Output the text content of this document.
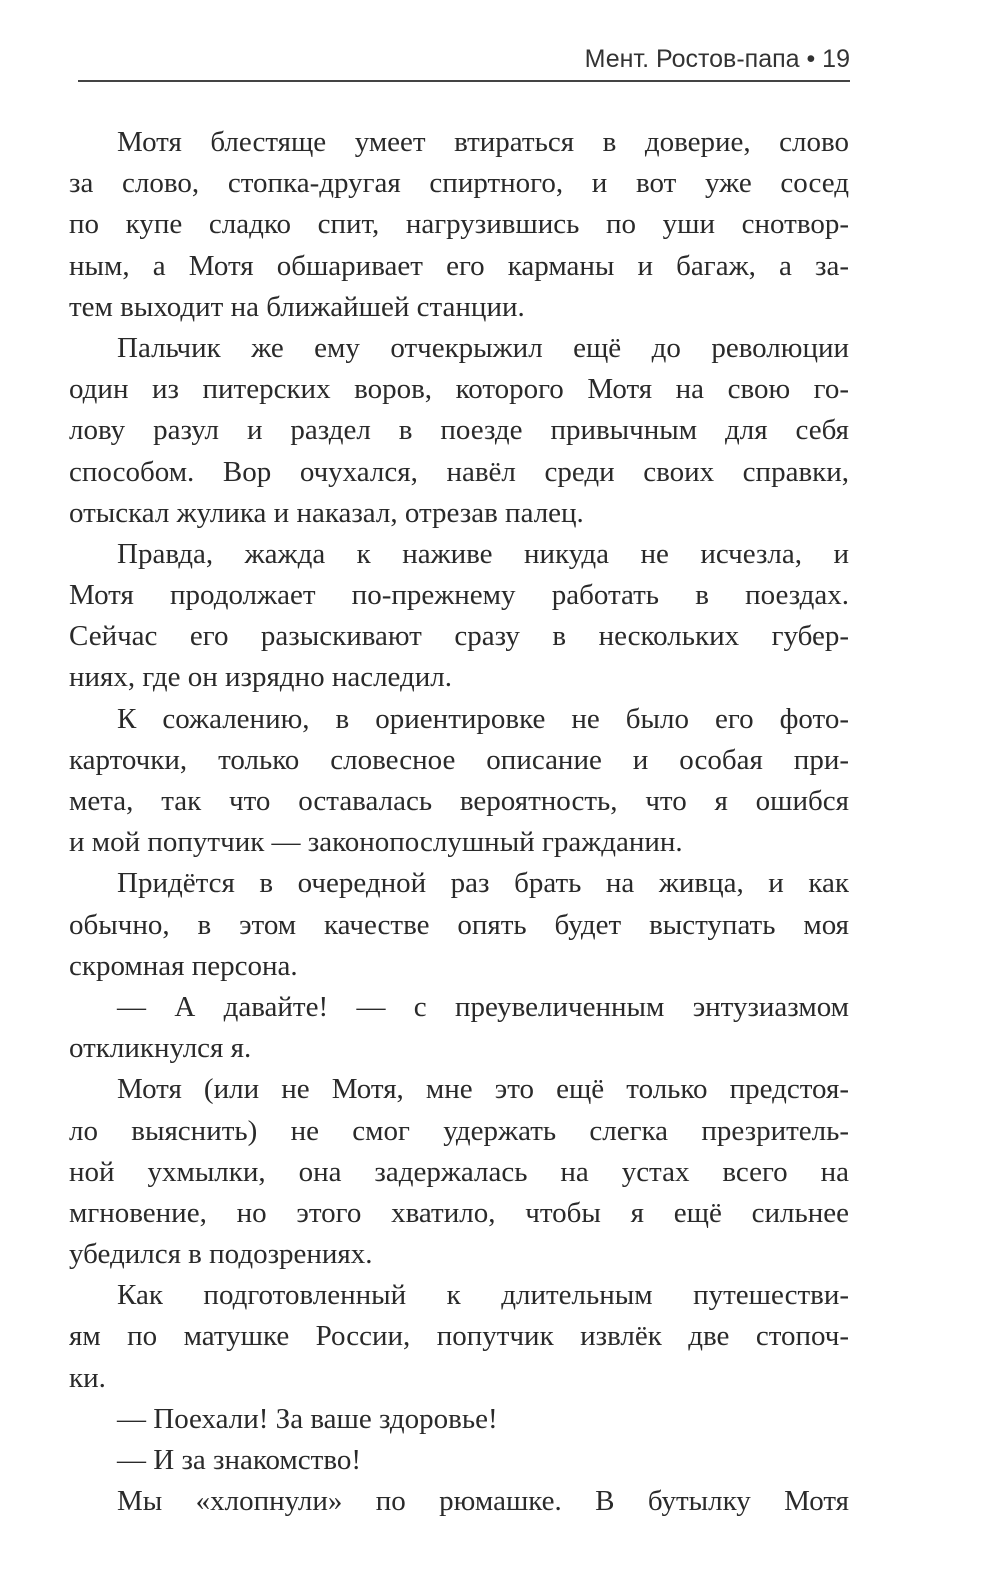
Мент. Ростов-папа • 19
Мотя блестяще умеет втираться в доверие, слово
за слово, стопка-другая спиртного, и вот уже сосед
по купе сладко спит, нагрузившись по уши снотвор-
ным, а Мотя обшаривает его карманы и багаж, а за-
тем выходит на ближайшей станции.
Пальчик же ему отчекрыжил ещё до революции
один из питерских воров, которого Мотя на свою го-
лову разул и раздел в поезде привычным для себя
способом. Вор очухался, навёл среди своих справки,
отыскал жулика и наказал, отрезав палец.
Правда, жажда к наживе никуда не исчезла, и
Мотя продолжает по-прежнему работать в поездах.
Сейчас его разыскивают сразу в нескольких губер-
ниях, где он изрядно наследил.
К сожалению, в ориентировке не было его фото-
карточки, только словесное описание и особая при-
мета, так что оставалась вероятность, что я ошибся
и мой попутчик — законопослушный гражданин.
Придётся в очередной раз брать на живца, и как
обычно, в этом качестве опять будет выступать моя
скромная персона.
— А давайте! — с преувеличенным энтузиазмом
откликнулся я.
Мотя (или не Мотя, мне это ещё только предстоя-
ло выяснить) не смог удержать слегка презритель-
ной ухмылки, она задержалась на устах всего на
мгновение, но этого хватило, чтобы я ещё сильнее
убедился в подозрениях.
Как подготовленный к длительным путешестви-
ям по матушке России, попутчик извлёк две стопоч-
ки.
— Поехали! За ваше здоровье!
— И за знакомство!
Мы «хлопнули» по рюмашке. В бутылку Мотя
